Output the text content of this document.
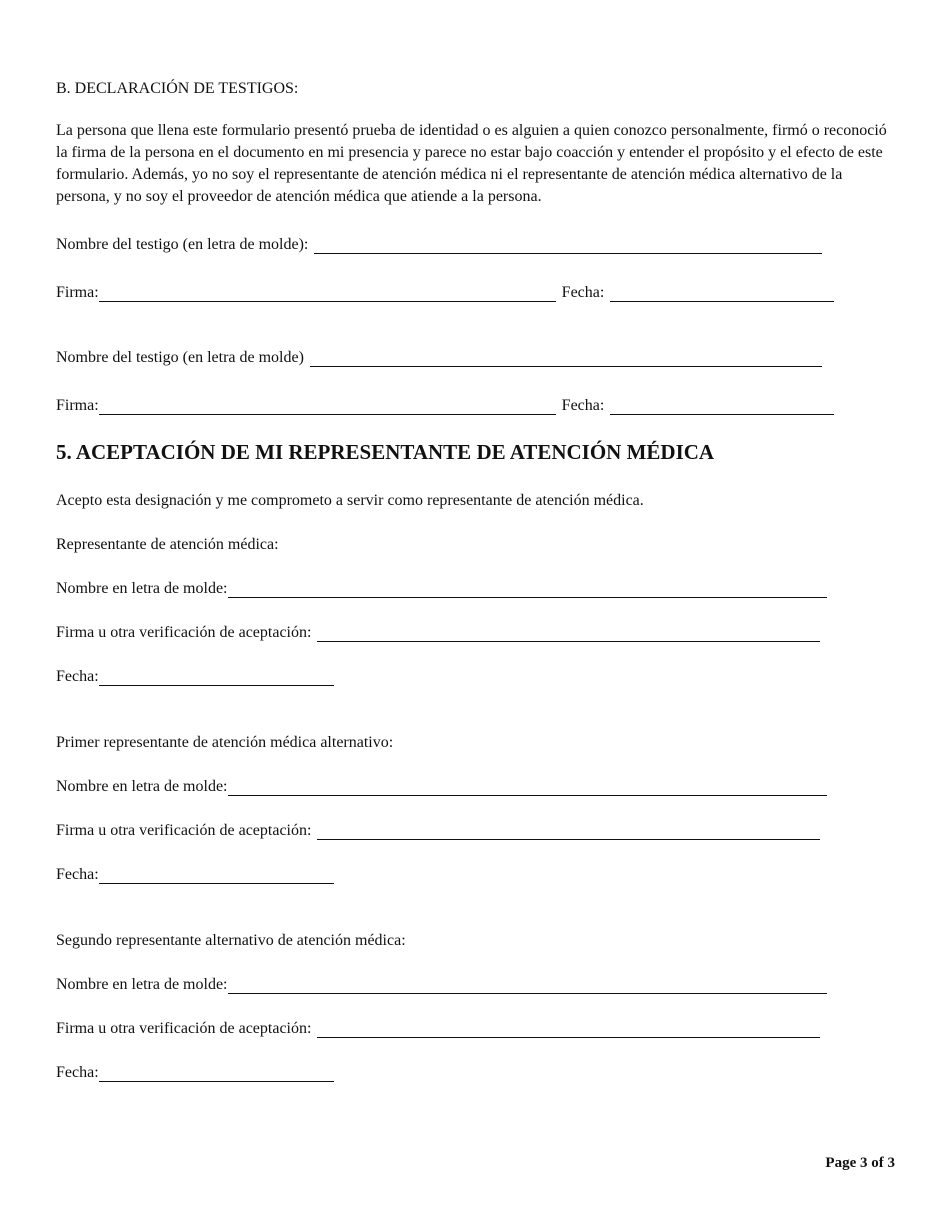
B. DECLARACIÓN DE TESTIGOS:
La persona que llena este formulario presentó prueba de identidad o es alguien a quien conozco personalmente, firmó o reconoció la firma de la persona en el documento en mi presencia y parece no estar bajo coacción y entender el propósito y el efecto de este formulario. Además, yo no soy el representante de atención médica ni el representante de atención médica alternativo de la persona, y no soy el proveedor de atención médica que atiende a la persona.
Nombre del testigo (en letra de molde):
Firma:	Fecha:
Nombre del testigo (en letra de molde)
Firma:	Fecha:
5. ACEPTACIÓN DE MI REPRESENTANTE DE ATENCIÓN MÉDICA
Acepto esta designación y me comprometo a servir como representante de atención médica.
Representante de atención médica:
Nombre en letra de molde:
Firma u otra verificación de aceptación:
Fecha:
Primer representante de atención médica alternativo:
Nombre en letra de molde:
Firma u otra verificación de aceptación:
Fecha:
Segundo representante alternativo de atención médica:
Nombre en letra de molde:
Firma u otra verificación de aceptación:
Fecha:
Page 3 of 3
